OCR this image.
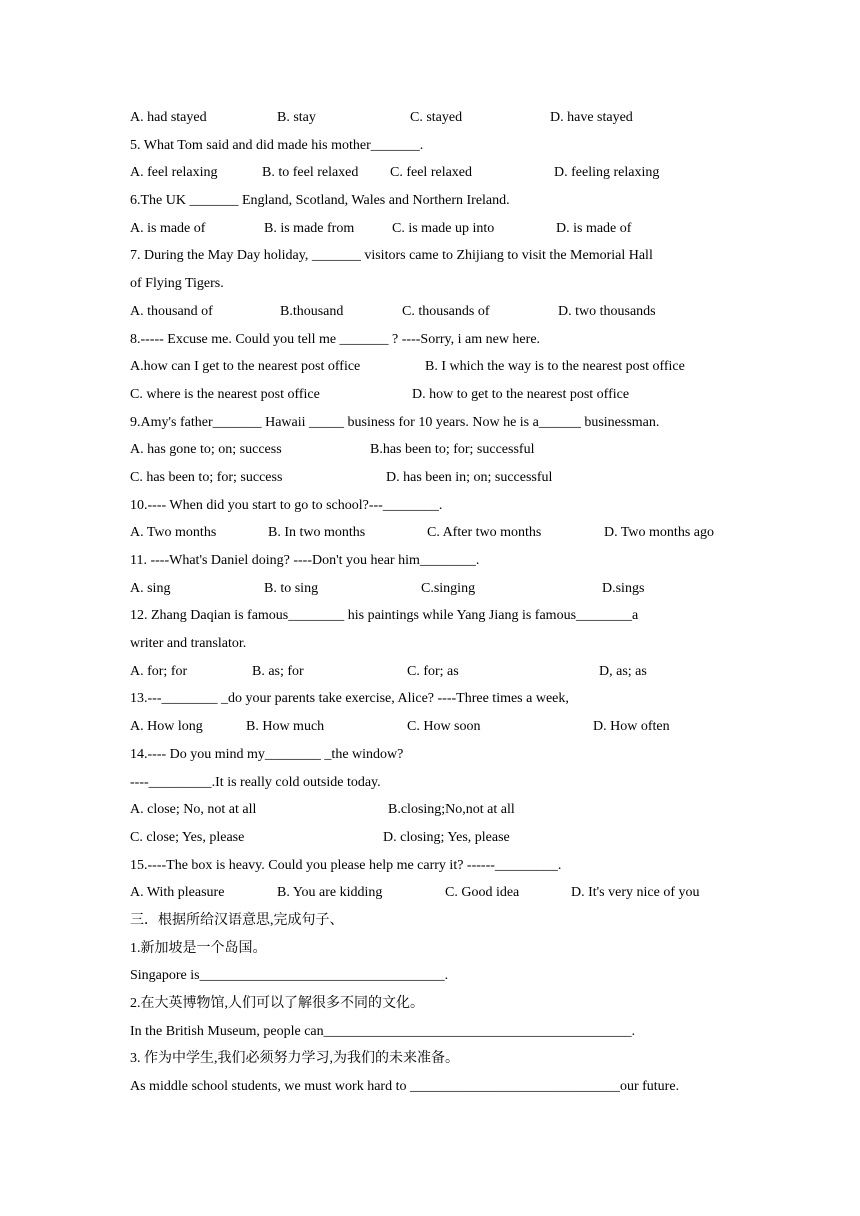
A. had stayed	B. stay	C. stayed	D. have stayed
5. What Tom said and did made his mother_______.
A. feel relaxing	B. to feel relaxed C. feel relaxed	D. feeling relaxing
6.The UK _______ England, Scotland, Wales and Northern Ireland.
A. is made of	B. is made from	C. is made up into	D. is made of
7. During the May Day holiday, _______ visitors came to Zhijiang to visit the Memorial Hall
of Flying Tigers.
A. thousand of	B.thousand	C. thousands of	D. two thousands
8.----- Excuse me. Could you tell me _______ ? ----Sorry, i am new here.
A.how can I get to the nearest post office	B. I which the way is to the nearest post office
C. where is the nearest post office	D. how to get to the nearest post office
9.Amy's father_______ Hawaii _____ business for 10 years. Now he is a______ businessman.
A. has gone to; on; success	B.has been to; for; successful
C. has been to; for; success	D. has been in; on; successful
10.---- When did you start to go to school?---________.
A. Two months	B. In two months	C. After two months	D. Two months ago
11. ----What's Daniel doing? ----Don't you hear him________.
A. sing	B. to sing	C.singing	D.sings
12. Zhang Daqian is famous________ his paintings while Yang Jiang is famous________a
writer and translator.
A. for; for	B. as; for	C. for; as	D, as; as
13.---________ _do your parents take exercise, Alice? ----Three times a week,
A. How long	B. How much	C. How soon	D. How often
14.---- Do you mind my________ _the window?
----_________.It is really cold outside today.
A. close; No, not at all	B.closing;No,not at all
C. close; Yes, please	D. closing; Yes, please
15.----The box is heavy. Could you please help me carry it? ------_________.
A. With pleasure	B. You are kidding	C. Good idea	D. It's very nice of you
三．根据所给汉语意思,完成句子、
1.新加坡是一个岛国。
Singapore is___________________________________.
2.在大英博物馆,人们可以了解很多不同的文化。
In the British Museum, people can____________________________________________.
3. 作为中学生,我们必须努力学习,为我们的未来准备。
As middle school students, we must work hard to ______________________________our future.
